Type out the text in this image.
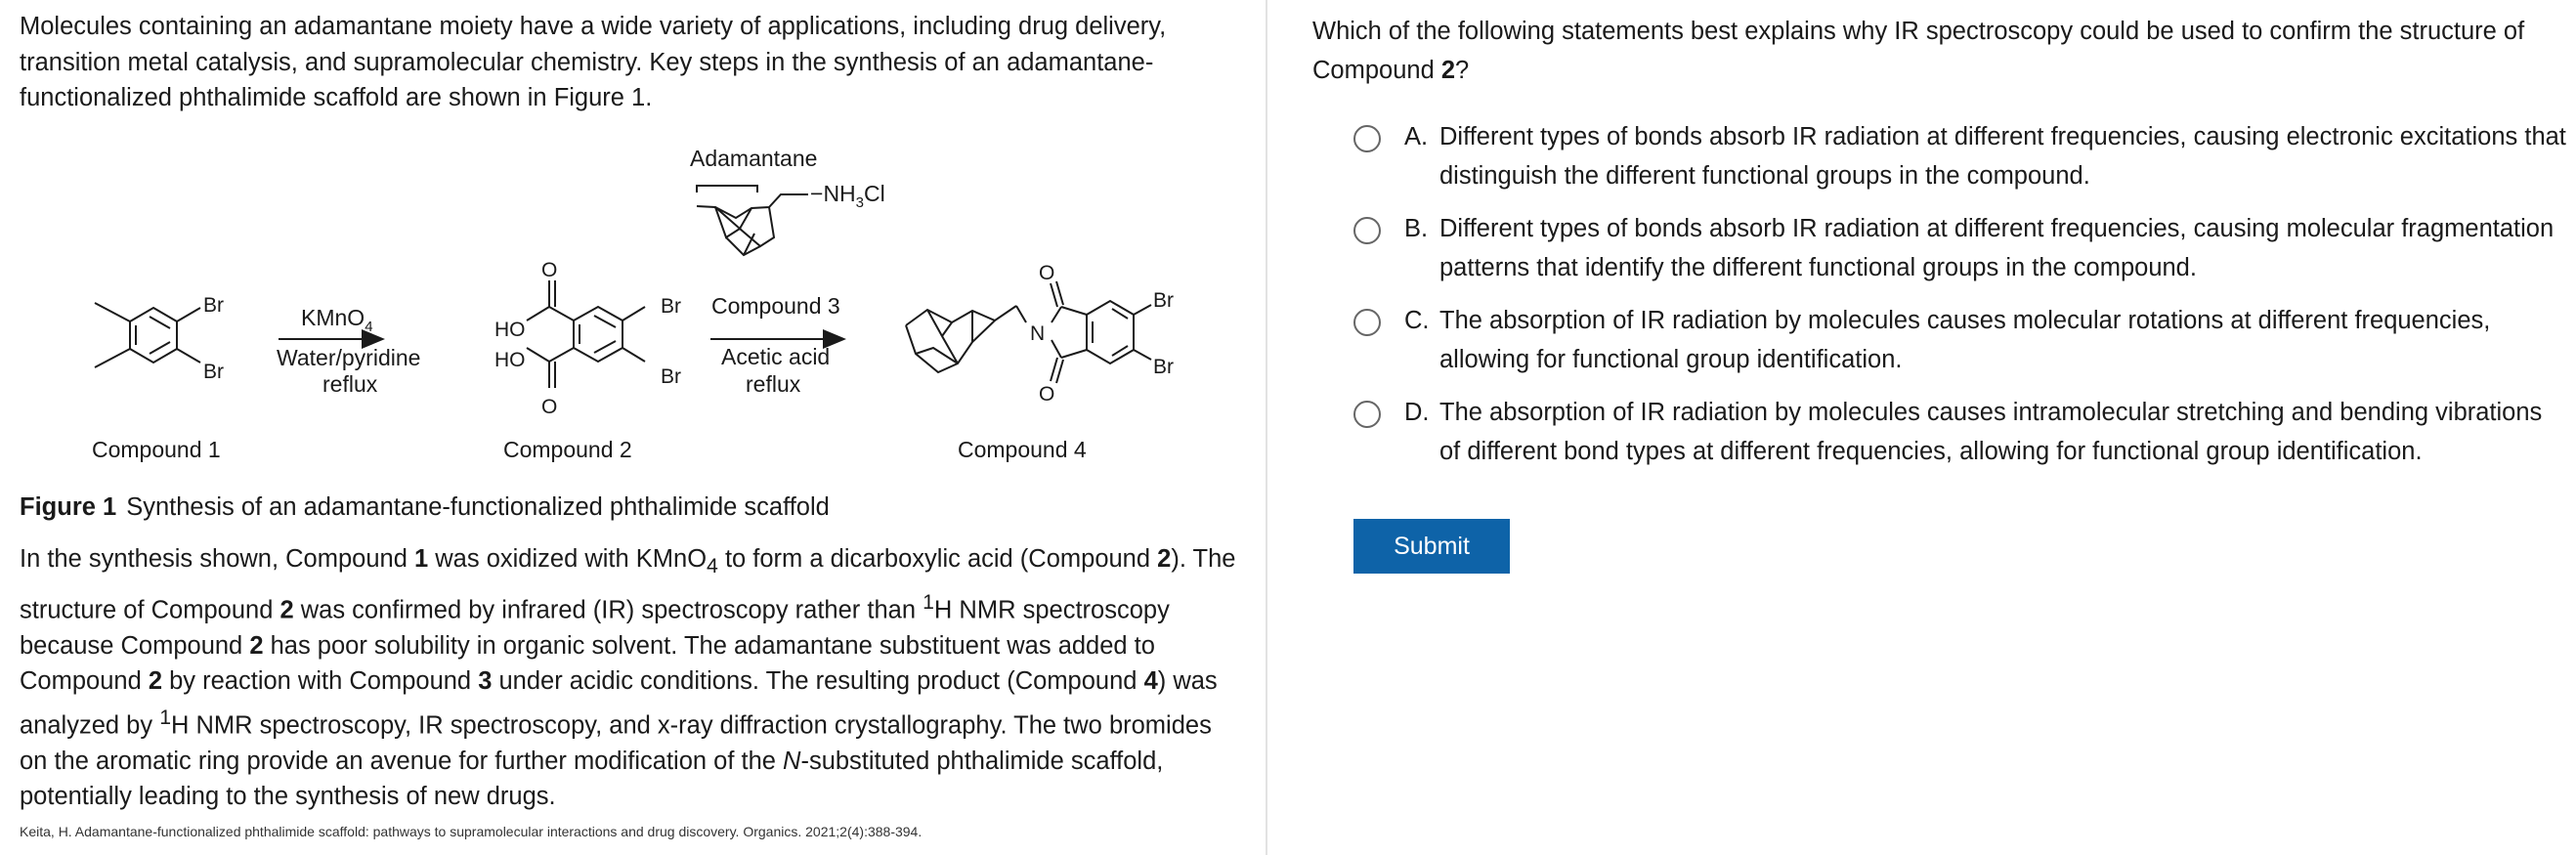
Molecules containing an adamantane moiety have a wide variety of applications, including drug delivery, transition metal catalysis, and supramolecular chemistry. Key steps in the synthesis of an adamantane-functionalized phthalimide scaffold are shown in Figure 1.

Adamantane
$-NH_3Cl$
Br
Br
KMnO$_4$
Water/pyridine
reflux
O
HO
HO
O
Br
Br
Compound 3
Acetic acid
reflux
N
O
O
Br
Br
Compound 1	Compound 2	Compound 4

Figure 1 Synthesis of an adamantane-functionalized phthalimide scaffold

In the synthesis shown, Compound 1 was oxidized with KMnO$_4$ to form a dicarboxylic acid (Compound 2). The structure of Compound 2 was confirmed by infrared (IR) spectroscopy rather than $^1$H NMR spectroscopy because Compound 2 has poor solubility in organic solvent. The adamantane substituent was added to Compound 2 by reaction with Compound 3 under acidic conditions. The resulting product (Compound 4) was analyzed by $^1$H NMR spectroscopy, IR spectroscopy, and x-ray diffraction crystallography. The two bromides on the aromatic ring provide an avenue for further modification of the N-substituted phthalimide scaffold, potentially leading to the synthesis of new drugs.

Keita, H. Adamantane-functionalized phthalimide scaffold: pathways to supramolecular interactions and drug discovery. Organics. 2021;2(4):388-394.

Which of the following statements best explains why IR spectroscopy could be used to confirm the structure of Compound 2?

A. Different types of bonds absorb IR radiation at different frequencies, causing electronic excitations that distinguish the different functional groups in the compound.
B. Different types of bonds absorb IR radiation at different frequencies, causing molecular fragmentation patterns that identify the different functional groups in the compound.
C. The absorption of IR radiation by molecules causes molecular rotations at different frequencies, allowing for functional group identification.
D. The absorption of IR radiation by molecules causes intramolecular stretching and bending vibrations of different bond types at different frequencies, allowing for functional group identification.
Submit
